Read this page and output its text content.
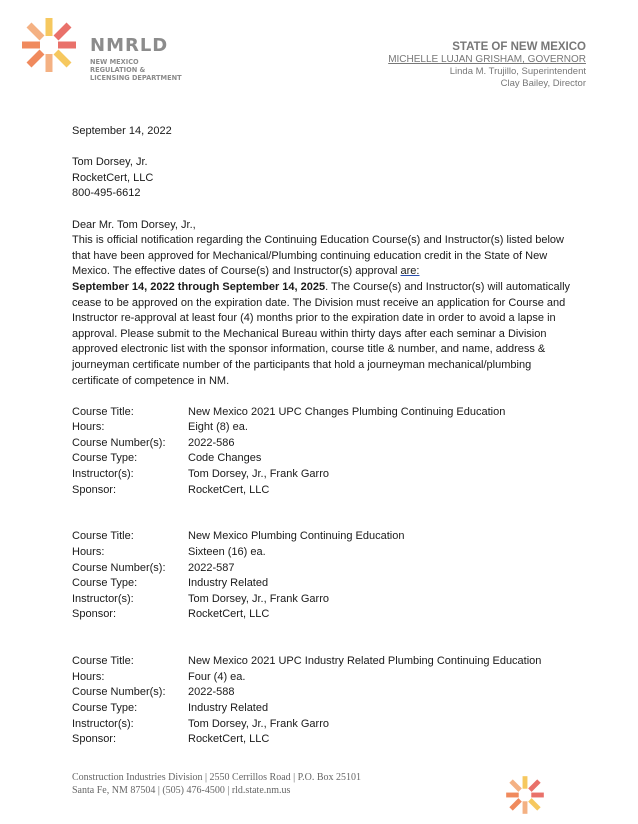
NMRLD
NEW MEXICO
REGULATION &
LICENSING DEPARTMENT
STATE OF NEW MEXICO
MICHELLE LUJAN GRISHAM, GOVERNOR
Linda M. Trujillo, Superintendent
Clay Bailey, Director
September 14, 2022
Tom Dorsey, Jr.
RocketCert, LLC
800-495-6612
Dear Mr. Tom Dorsey, Jr.,

This is official notification regarding the Continuing Education Course(s) and Instructor(s) listed below that have been approved for Mechanical/Plumbing continuing education credit in the State of New Mexico. The effective dates of Course(s) and Instructor(s) approval are:
September 14, 2022 through September 14, 2025. The Course(s) and Instructor(s) will automatically cease to be approved on the expiration date. The Division must receive an application for Course and Instructor re-approval at least four (4) months prior to the expiration date in order to avoid a lapse in approval. Please submit to the Mechanical Bureau within thirty days after each seminar a Division approved electronic list with the sponsor information, course title & number, and name, address & journeyman certificate number of the participants that hold a journeyman mechanical/plumbing certificate of competence in NM.

Course Title:	New Mexico 2021 UPC Changes Plumbing Continuing Education
Hours:	Eight (8) ea.
Course Number(s):	2022-586
Course Type:	Code Changes
Instructor(s):	Tom Dorsey, Jr., Frank Garro
Sponsor:	RocketCert, LLC
Course Title:	New Mexico Plumbing Continuing Education
Hours:	Sixteen (16) ea.
Course Number(s):	2022-587
Course Type:	Industry Related
Instructor(s):	Tom Dorsey, Jr., Frank Garro
Sponsor:	RocketCert, LLC
Course Title:	New Mexico 2021 UPC Industry Related Plumbing Continuing Education
Hours:	Four (4) ea.
Course Number(s):	2022-588
Course Type:	Industry Related
Instructor(s):	Tom Dorsey, Jr., Frank Garro
Sponsor:	RocketCert, LLC
Construction Industries Division | 2550 Cerrillos Road | P.O. Box 25101
Santa Fe, NM 87504 | (505) 476-4500 | rld.state.nm.us
